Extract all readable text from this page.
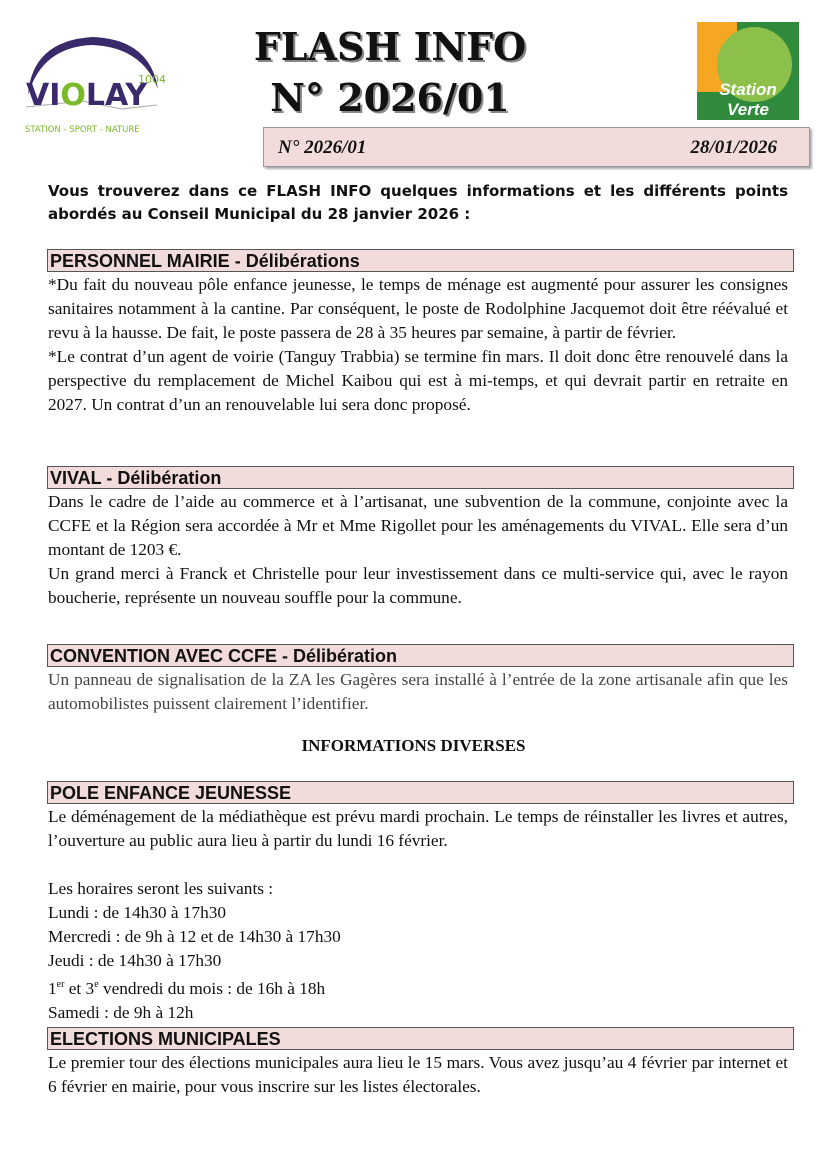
1004
VIOLAY
STATION - SPORT - NATURE
FLASH INFO
N° 2026/01	Station Verte
N° 2026/01	28/01/2026
Vous trouverez dans ce FLASH INFO quelques informations et les différents points abordés au Conseil Municipal du 28 janvier 2026 :
PERSONNEL MAIRIE - Délibérations

*Du fait du nouveau pôle enfance jeunesse, le temps de ménage est augmenté pour assurer les consignes sanitaires notamment à la cantine. Par conséquent, le poste de Rodolphine Jacquemot doit être réévalué et revu à la hausse. De fait, le poste passera de 28 à 35 heures par semaine, à partir de février.

*Le contrat d’un agent de voirie (Tanguy Trabbia) se termine fin mars. Il doit donc être renouvelé dans la perspective du remplacement de Michel Kaibou qui est à mi-temps, et qui devrait partir en retraite en 2027. Un contrat d’un an renouvelable lui sera donc proposé.

VIVAL - Délibération

Dans le cadre de l’aide au commerce et à l’artisanat, une subvention de la commune, conjointe avec la CCFE et la Région sera accordée à Mr et Mme Rigollet pour les aménagements du VIVAL. Elle sera d’un montant de 1203 €.

Un grand merci à Franck et Christelle pour leur investissement dans ce multi-service qui, avec le rayon boucherie, représente un nouveau souffle pour la commune.

CONVENTION AVEC CCFE - Délibération

Un panneau de signalisation de la ZA les Gagères sera installé à l’entrée de la zone artisanale afin que les automobilistes puissent clairement l’identifier.

INFORMATIONS DIVERSES
POLE ENFANCE JEUNESSE

Le déménagement de la médiathèque est prévu mardi prochain. Le temps de réinstaller les livres et autres, l’ouverture au public aura lieu à partir du lundi 16 février.

Les horaires seront les suivants :

Lundi : de 14h30 à 17h30

Mercredi : de 9h à 12 et de 14h30 à 17h30

Jeudi : de 14h30 à 17h30

1er et 3e vendredi du mois : de 16h à 18h

Samedi : de 9h à 12h

ELECTIONS MUNICIPALES

Le premier tour des élections municipales aura lieu le 15 mars. Vous avez jusqu’au 4 février par internet et 6 février en mairie, pour vous inscrire sur les listes électorales.
